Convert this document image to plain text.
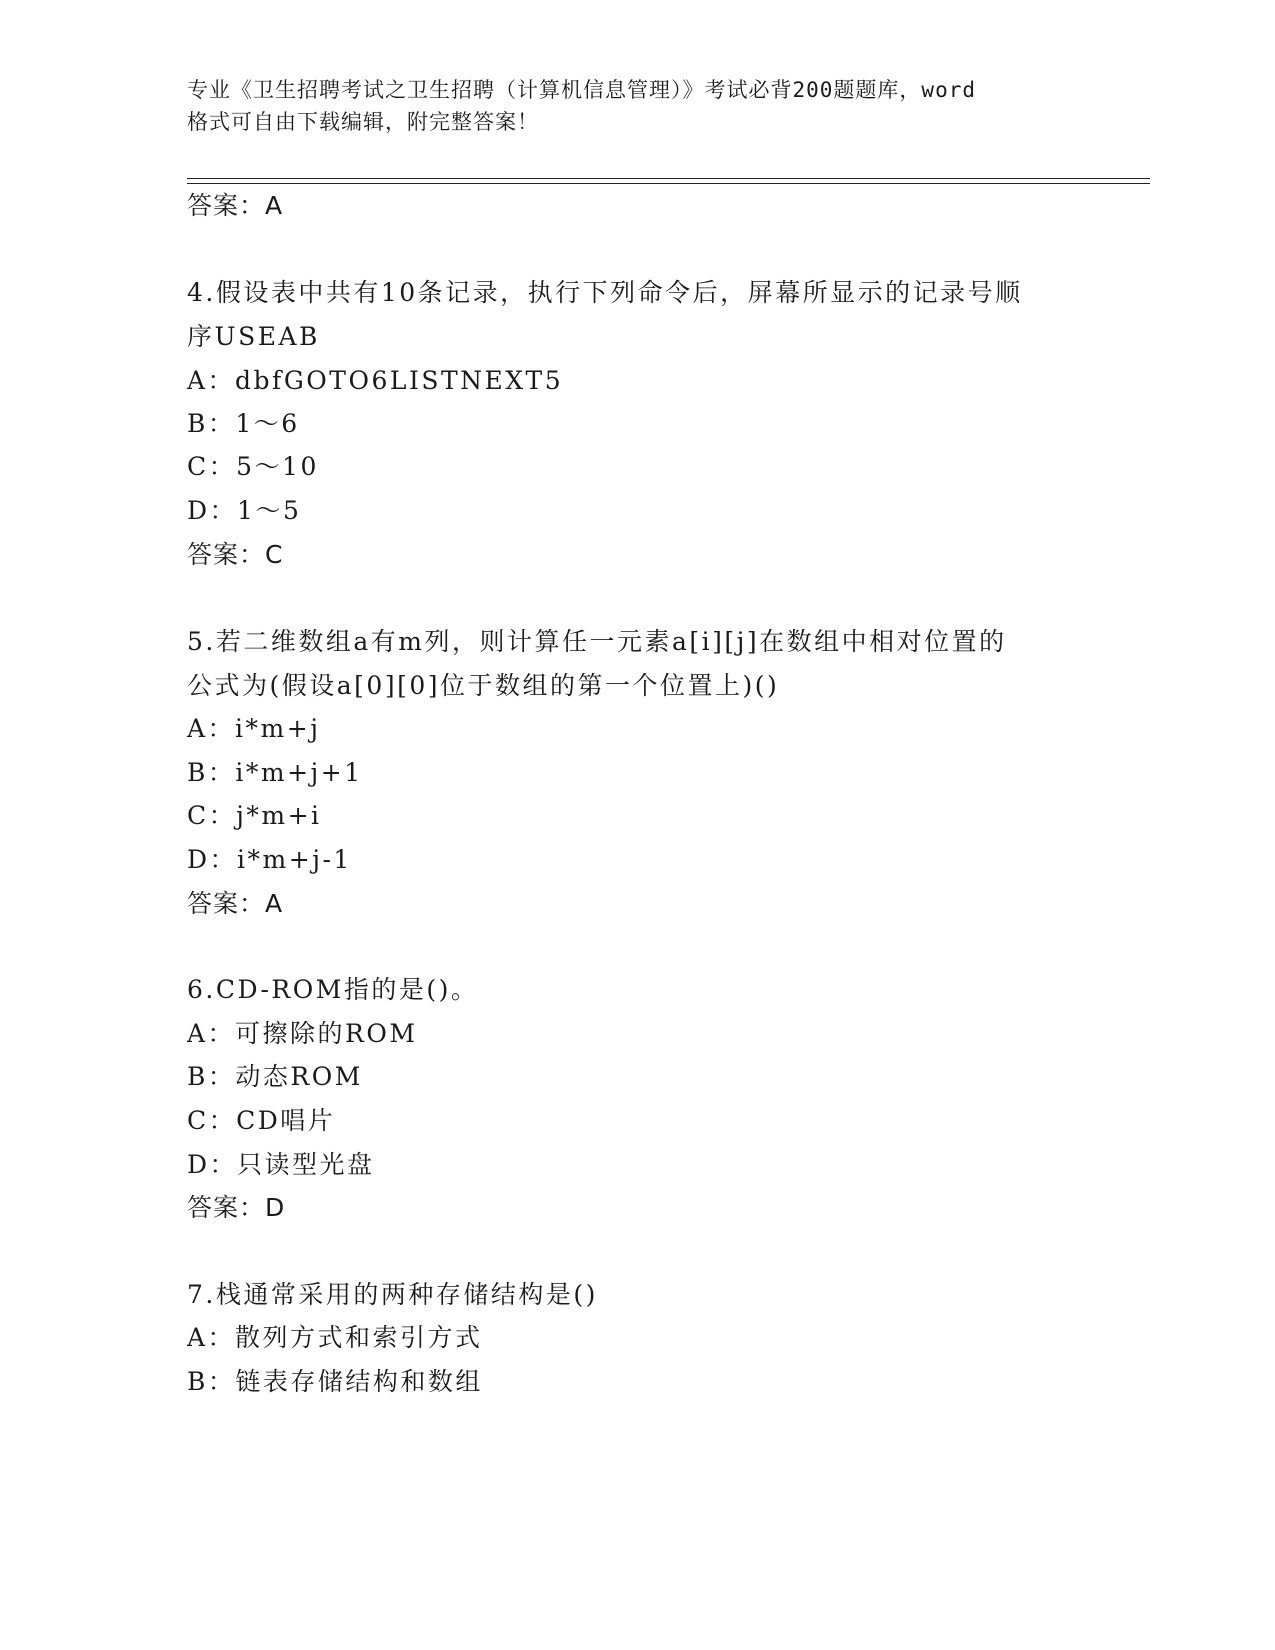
专业《卫生招聘考试之卫生招聘（计算机信息管理）》考试必背200题题库，word
格式可自由下载编辑，附完整答案！
答案：A
4.假设表中共有10条记录，执行下列命令后，屏幕所显示的记录号顺
序USEAB
A：dbfGOTO6LISTNEXT5
B：1～6
C：5～10
D：1～5
答案：C
5.若二维数组a有m列，则计算任一元素a[i][j]在数组中相对位置的
公式为(假设a[0][0]位于数组的第一个位置上)()
A：i*m+j
B：i*m+j+1
C：j*m+i
D：i*m+j-1
答案：A
6.CD-ROM指的是()。
A：可擦除的ROM
B：动态ROM
C：CD唱片
D：只读型光盘
答案：D
7.栈通常采用的两种存储结构是()
A：散列方式和索引方式
B：链表存储结构和数组
